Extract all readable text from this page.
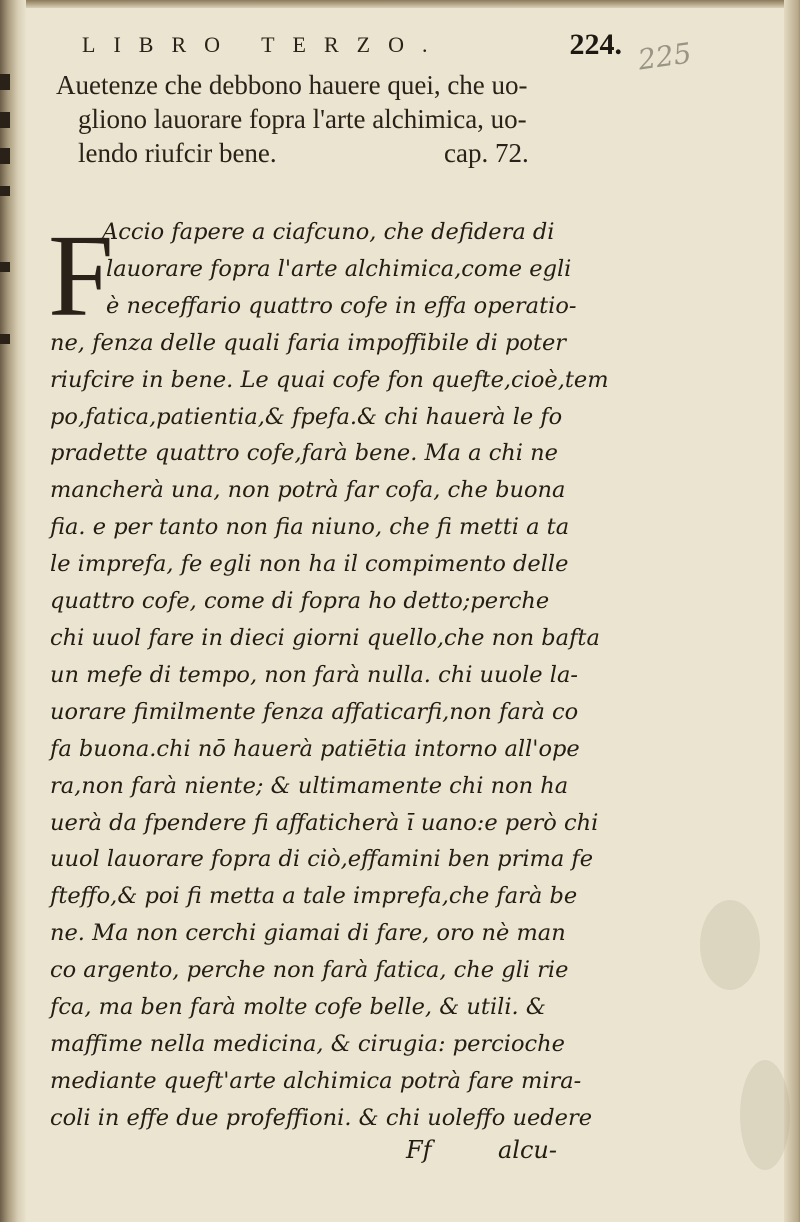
LIBRO TERZO.	224. 225
Auetenze che debbono hauere quei, che uo-
gliono lauorare fopra l'arte alchimica, uo-
lendo riufcir bene.	cap. 72.
F
Accio fapere a ciafcuno, che defidera di
lauorare fopra l'arte alchimica,come egli
è neceffario quattro cofe in effa operatio-
ne, fenza delle quali faria impoffibile di poter
riufcire in bene. Le quai cofe fon quefte,cioè,tem
po,fatica,patientia,& fpefa.& chi hauerà le fo
pradette quattro cofe,farà bene. Ma a chi ne
mancherà una, non potrà far cofa, che buona
fia. e per tanto non fia niuno, che fi metti a ta
le imprefa, fe egli non ha il compimento delle
quattro cofe, come di fopra ho detto;perche
chi uuol fare in dieci giorni quello,che non bafta
un mefe di tempo, non farà nulla. chi uuole la-
uorare fimilmente fenza affaticarfi,non farà co
fa buona.chi nō hauerà patiētia intorno all'ope
ra,non farà niente; & ultimamente chi non ha
uerà da fpendere fi affaticherà ī uano:e però chi
uuol lauorare fopra di ciò,effamini ben prima fe
fteffo,& poi fi metta a tale imprefa,che farà be
ne. Ma non cerchi giamai di fare, oro nè man
co argento, perche non farà fatica, che gli rie
fca, ma ben farà molte cofe belle, & utili. &
maffime nella medicina, & cirugia: percioche
mediante queft'arte alchimica potrà fare mira-
coli in effe due profeffioni. & chi uoleffo uedere
Ff	alcu-
